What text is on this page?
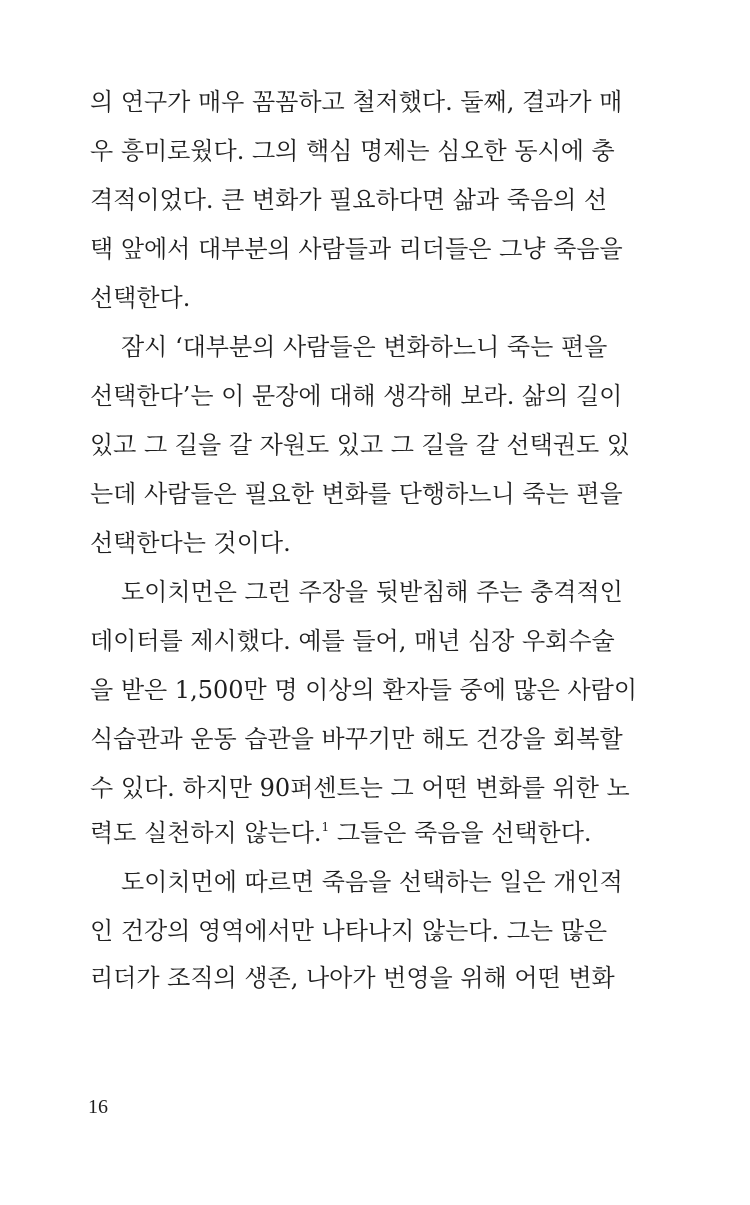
의 연구가 매우 꼼꼼하고 철저했다. 둘째, 결과가 매
우 흥미로웠다. 그의 핵심 명제는 심오한 동시에 충
격적이었다. 큰 변화가 필요하다면 삶과 죽음의 선
택 앞에서 대부분의 사람들과 리더들은 그냥 죽음을
선택한다.
잠시 ‘대부분의 사람들은 변화하느니 죽는 편을
선택한다’는 이 문장에 대해 생각해 보라. 삶의 길이
있고 그 길을 갈 자원도 있고 그 길을 갈 선택권도 있
는데 사람들은 필요한 변화를 단행하느니 죽는 편을
선택한다는 것이다.
도이치먼은 그런 주장을 뒷받침해 주는 충격적인
데이터를 제시했다. 예를 들어, 매년 심장 우회수술
을 받은 1,500만 명 이상의 환자들 중에 많은 사람이
식습관과 운동 습관을 바꾸기만 해도 건강을 회복할
수 있다. 하지만 90퍼센트는 그 어떤 변화를 위한 노
력도 실천하지 않는다.$^1$ 그들은 죽음을 선택한다.
도이치먼에 따르면 죽음을 선택하는 일은 개인적
인 건강의 영역에서만 나타나지 않는다. 그는 많은
리더가 조직의 생존, 나아가 번영을 위해 어떤 변화
16
